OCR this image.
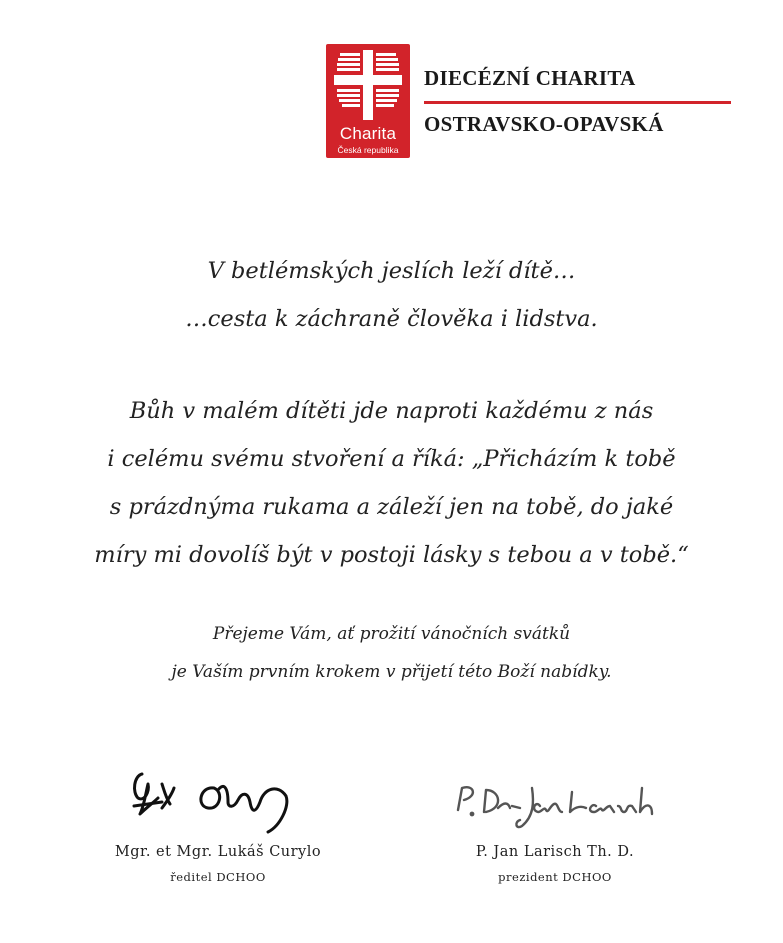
Charita
Česká republika
DIECÉZNÍ CHARITA
OSTRAVSKO-OPAVSKÁ
V betlémských jeslích leží dítě…
…cesta k záchraně člověka i lidstva.
Bůh v malém dítěti jde naproti každému z nás
i celému svému stvoření a říká: „Přicházím k tobě
s prázdnýma rukama a záleží jen na tobě, do jaké
míry mi dovolíš být v postoji lásky s tebou a v tobě.“
Přejeme Vám, ať prožití vánočních svátků
je Vaším prvním krokem v přijetí této Boží nabídky.
Mgr. et Mgr. Lukáš Curylo
ředitel DCHOO
P. Jan Larisch Th. D.
prezident DCHOO
